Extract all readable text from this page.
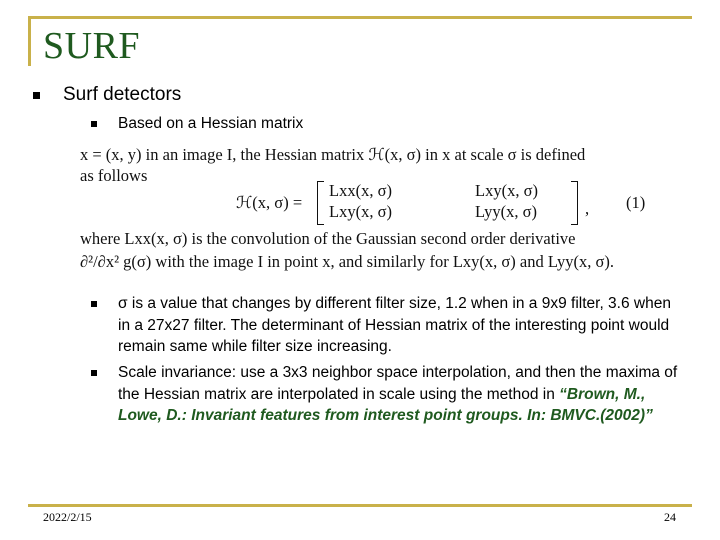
SURF
Surf detectors
Based on a Hessian matrix
x = (x, y) in an image I, the Hessian matrix ℋ(x, σ) in x at scale σ is defined
as follows
ℋ(x, σ) =
Lxx(x, σ)	Lxy(x, σ)
Lxy(x, σ)	Lyy(x, σ)	, (1)
where Lxx(x, σ) is the convolution of the Gaussian second order derivative
∂²/∂x² g(σ) with the image I in point x, and similarly for Lxy(x, σ) and Lyy(x, σ).
σ is a value that changes by different filter size, 1.2 when in a 9x9 filter, 3.6 when in a 27x27 filter. The determinant of Hessian matrix of the interesting point would remain same while filter size increasing.
Scale invariance: use a 3x3 neighbor space interpolation, and then the maxima of the Hessian matrix are interpolated in scale using the method in “Brown, M., Lowe, D.: Invariant features from interest point groups. In: BMVC.(2002)”
2022/2/15	24
